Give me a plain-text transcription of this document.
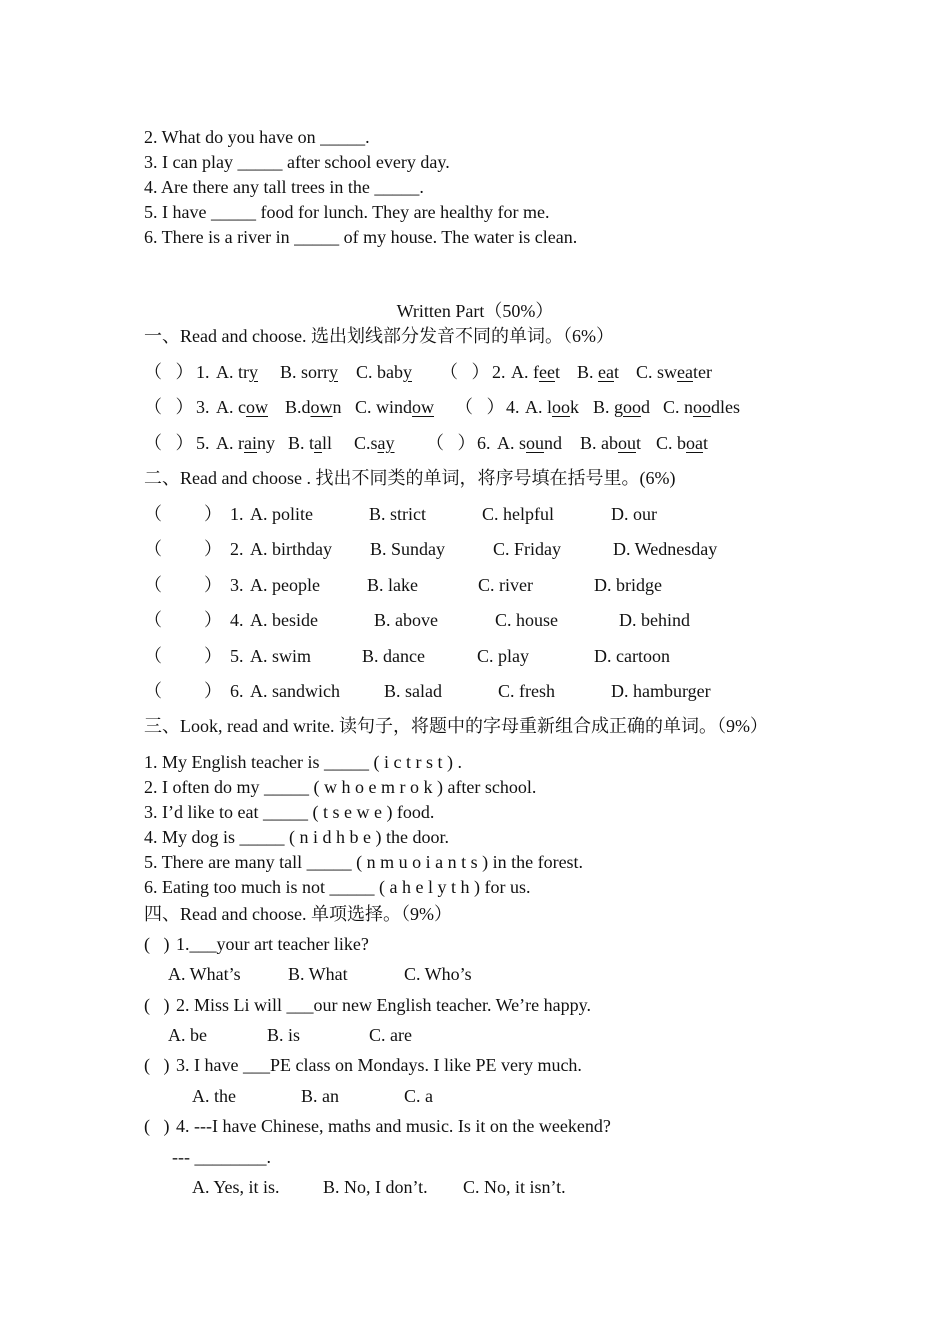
2. What do you have on _____.
3. I can play _____ after school every day.
4. Are there any tall trees in the _____.
5. I have _____ food for lunch. They are healthy for me.
6. There is a river in _____ of my house. The water is clean.
Written Part（50%）
一、Read and choose. 选出划线部分发音不同的单词。（6%）
（   ） 1. A. try B. sorry C. baby （   ） 2. A. feet B. eat C. sweater
（   ） 3. A. cow B.down C. window （   ） 4. A. look B. good C. noodles
（   ） 5. A. rainy B. tall C.say （   ） 6. A. sound B. about C. boat
二、Read and choose . 找出不同类的单词，将序号填在括号里。(6%)
（ ） 1. A. polite	B. strict	C. helpful	D. our
（ ） 2. A. birthday B. Sunday	C. Friday	D. Wednesday
（ ） 3. A. people	B. lake	C. river	D. bridge
（ ） 4. A. beside	B. above	C. house	D. behind
（ ） 5. A. swim	B. dance	C. play	D. cartoon
（ ） 6. A. sandwich B. salad	C. fresh	D. hamburger
三、Look, read and write. 读句子，将题中的字母重新组合成正确的单词。（9%）
1. My English teacher is _____ ( i c t r s t ) .
2. I often do my _____ ( w h o e m r o k ) after school.
3. I’d like to eat _____ ( t s e w e ) food.
4. My dog is _____ ( n i d h b e ) the door.
5. There are many tall _____ ( n m u o i a n t s ) in the forest.
6. Eating too much is not _____ ( a h e l y t h ) for us.
四、Read and choose. 单项选择。（9%）
(   ) 1.___your art teacher like?
A. What’s	B. What	C. Who’s
(   ) 2. Miss Li will ___our new English teacher. We’re happy.
A. be	B. is	C. are
(   ) 3. I have ___PE class on Mondays. I like PE very much.
A. the	B. an	C. a
(   ) 4. ---I have Chinese, maths and music. Is it on the weekend?
--- ________.
A. Yes, it is. B. No, I don’t. C. No, it isn’t.
